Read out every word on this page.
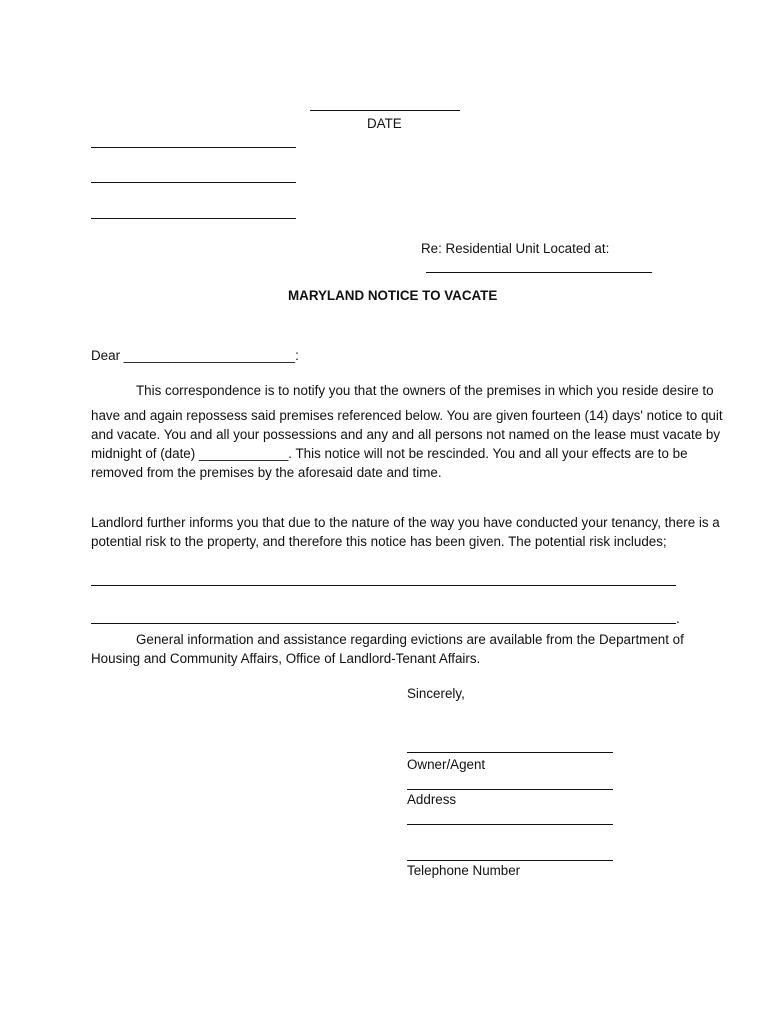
DATE
Re: Residential Unit Located at:
MARYLAND NOTICE TO VACATE
Dear _______________________:
This correspondence is to notify you that the owners of the premises in which you reside desire to
have and again repossess said premises referenced below. You are given fourteen (14) days' notice to quit
and vacate. You and all your possessions and any and all persons not named on the lease must vacate by
midnight of (date) ____________. This notice will not be rescinded. You and all your effects are to be
removed from the premises by the aforesaid date and time.
Landlord further informs you that due to the nature of the way you have conducted your tenancy, there is a
potential risk to the property, and therefore this notice has been given. The potential risk includes;
.
General information and assistance regarding evictions are available from the Department of
Housing and Community Affairs, Office of Landlord-Tenant Affairs.
Sincerely,
Owner/Agent
Address
Telephone Number
